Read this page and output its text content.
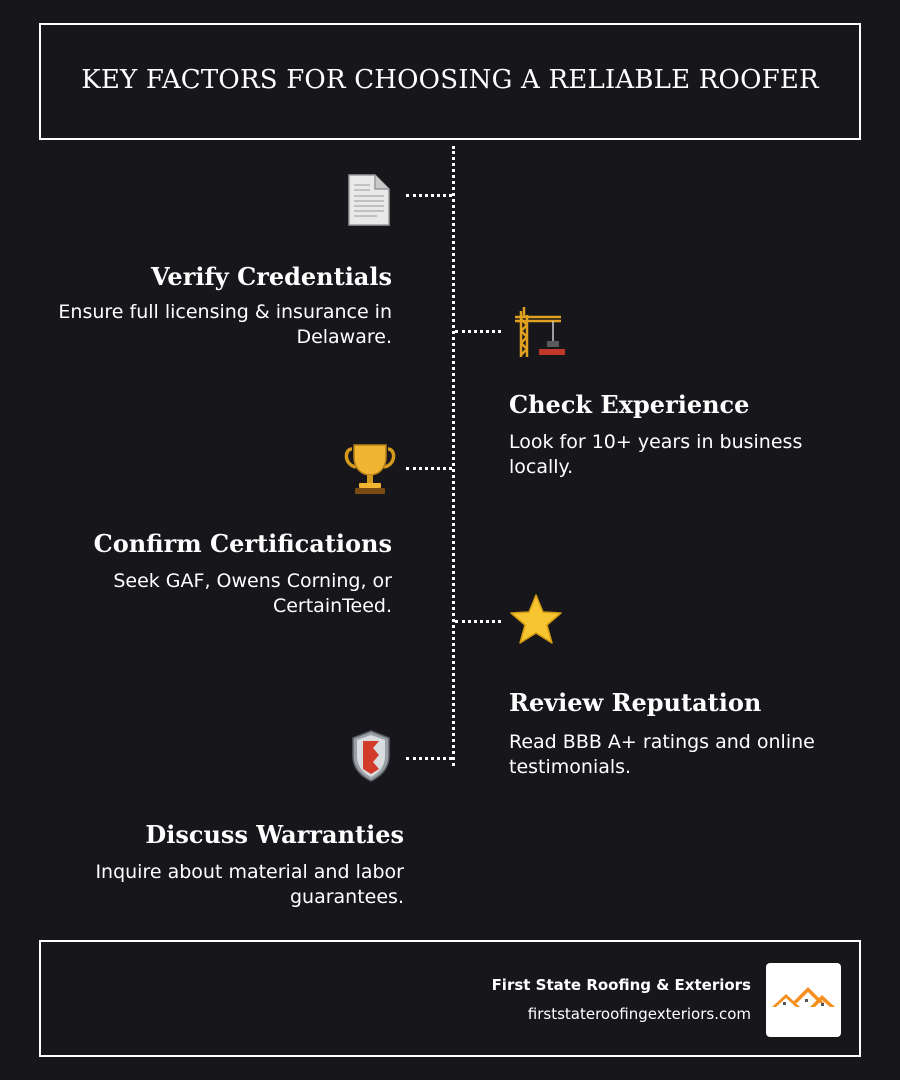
KEY FACTORS FOR CHOOSING A RELIABLE ROOFER
Verify Credentials

Ensure full licensing & insurance in Delaware.

Check Experience

Look for 10+ years in business locally.

Confirm Certifications

Seek GAF, Owens Corning, or CertainTeed.

Review Reputation

Read BBB A+ ratings and online testimonials.

Discuss Warranties

Inquire about material and labor guarantees.

First State Roofing & Exteriors
firststateroofingexteriors.com
